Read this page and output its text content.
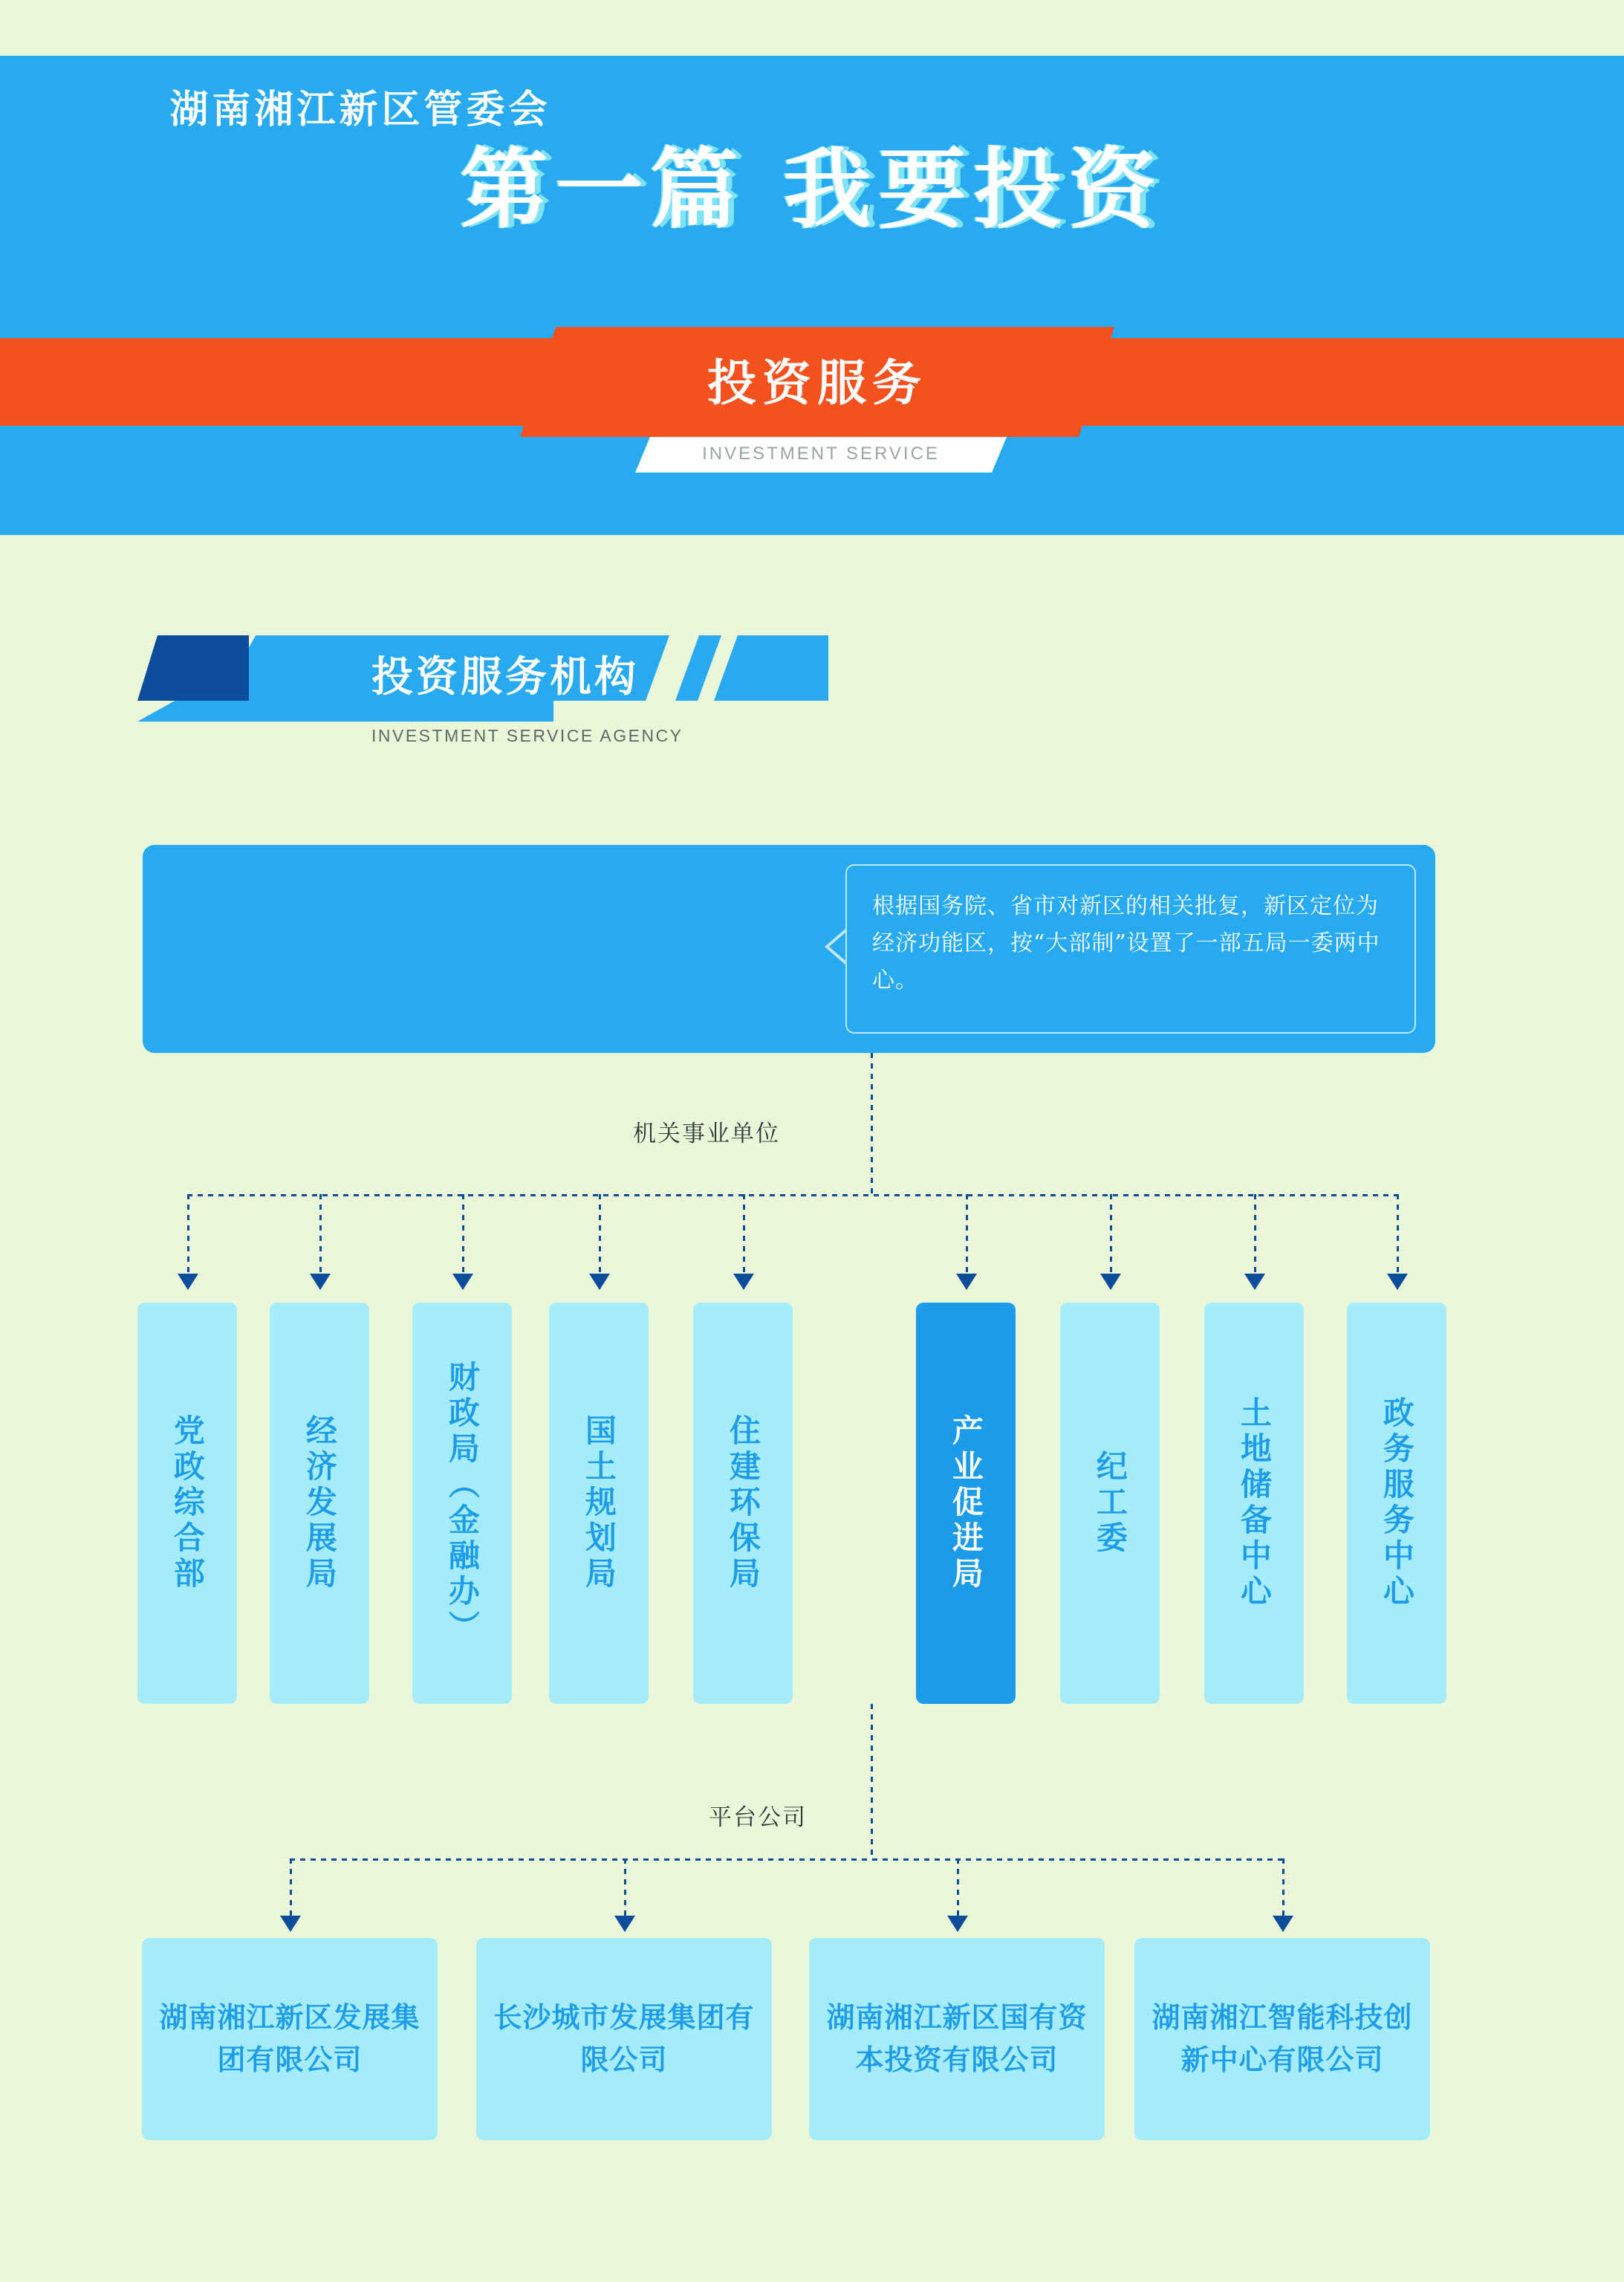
第一篇 我要投资
投资服务
INVESTMENT SERVICE
投资服务机构
INVESTMENT SERVICE AGENCY
湖南湘江新区管委会
根据国务院、省市对新区的相关批复，新区定位为经济功能区，按“大部制”设置了一部五局一委两中心。
机关事业单位
党政综合部	经济发展局	财政局（金融办）	国土规划局	住建环保局	产业促进局	纪工委	土地储备中心	政务服务中心
平台公司
湖南湘江新区发展集团有限公司
长沙城市发展集团有限公司
湖南湘江新区国有资本投资有限公司
湖南湘江智能科技创新中心有限公司
